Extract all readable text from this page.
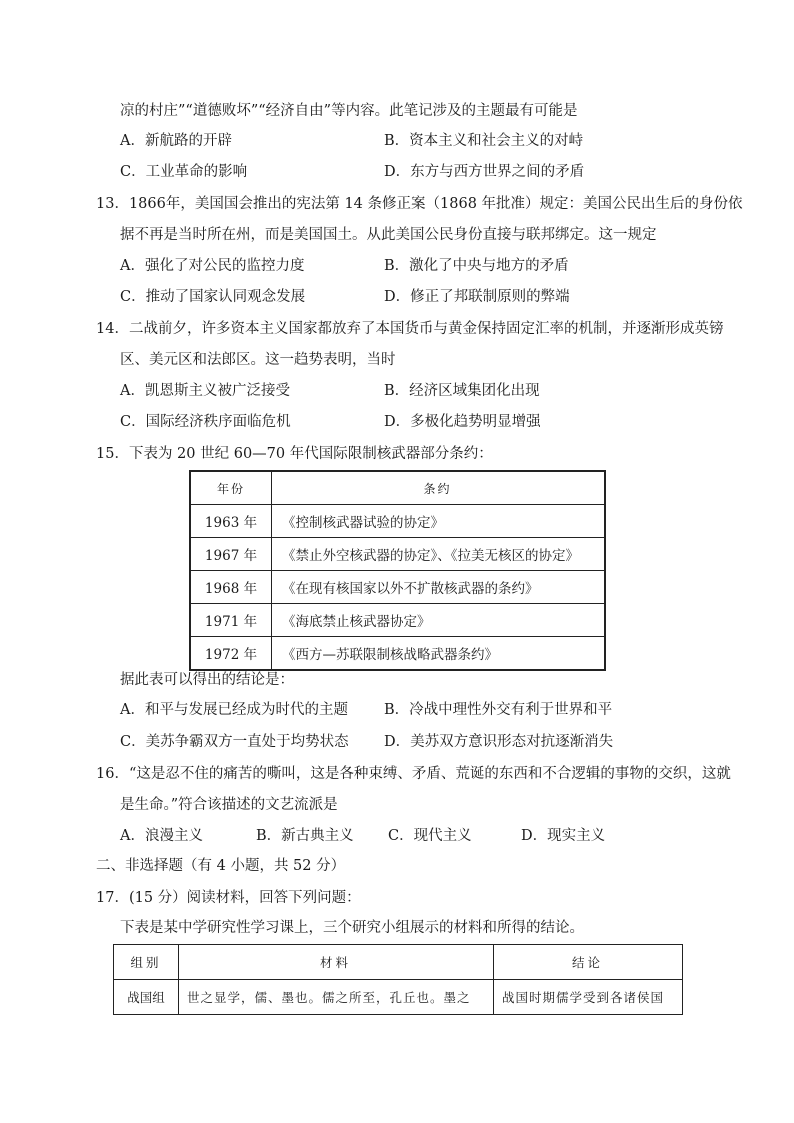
凉的村庄”“道德败坏”“经济自由”等内容。此笔记涉及的主题最有可能是
A．新航路的开辟	B．资本主义和社会主义的对峙
C．工业革命的影响	D．东方与西方世界之间的矛盾
13．1866年，美国国会推出的宪法第 14 条修正案（1868 年批准）规定：美国公民出生后的身份依
据不再是当时所在州，而是美国国土。从此美国公民身份直接与联邦绑定。这一规定
A．强化了对公民的监控力度	B．激化了中央与地方的矛盾
C．推动了国家认同观念发展	D．修正了邦联制原则的弊端
14．二战前夕，许多资本主义国家都放弃了本国货币与黄金保持固定汇率的机制，并逐渐形成英镑
区、美元区和法郎区。这一趋势表明，当时
A．凯恩斯主义被广泛接受	B．经济区域集团化出现
C．国际经济秩序面临危机	D．多极化趋势明显增强
15．下表为 20 世纪 60—70 年代国际限制核武器部分条约：
年份	条约
1963 年	《控制核武器试验的协定》
1967 年	《禁止外空核武器的协定》、《拉美无核区的协定》
1968 年	《在现有核国家以外不扩散核武器的条约》
1971 年	《海底禁止核武器协定》
1972 年	《西方—苏联限制核战略武器条约》
据此表可以得出的结论是：
A．和平与发展已经成为时代的主题 B．冷战中理性外交有利于世界和平
C．美苏争霸双方一直处于均势状态 D．美苏双方意识形态对抗逐渐消失
16．“这是忍不住的痛苦的嘶叫，这是各种束缚、矛盾、荒诞的东西和不合逻辑的事物的交织，这就
是生命。”符合该描述的文艺流派是
A．浪漫主义	B．新古典主义 C．现代主义	D．现实主义
二、非选择题（有 4 小题，共 52 分）
17．(15 分）阅读材料，回答下列问题：
下表是某中学研究性学习课上，三个研究小组展示的材料和所得的结论。
组别	材料	结论
战国组	世之显学，儒、墨也。儒之所至，孔丘也。墨之	战国时期儒学受到各诸侯国
